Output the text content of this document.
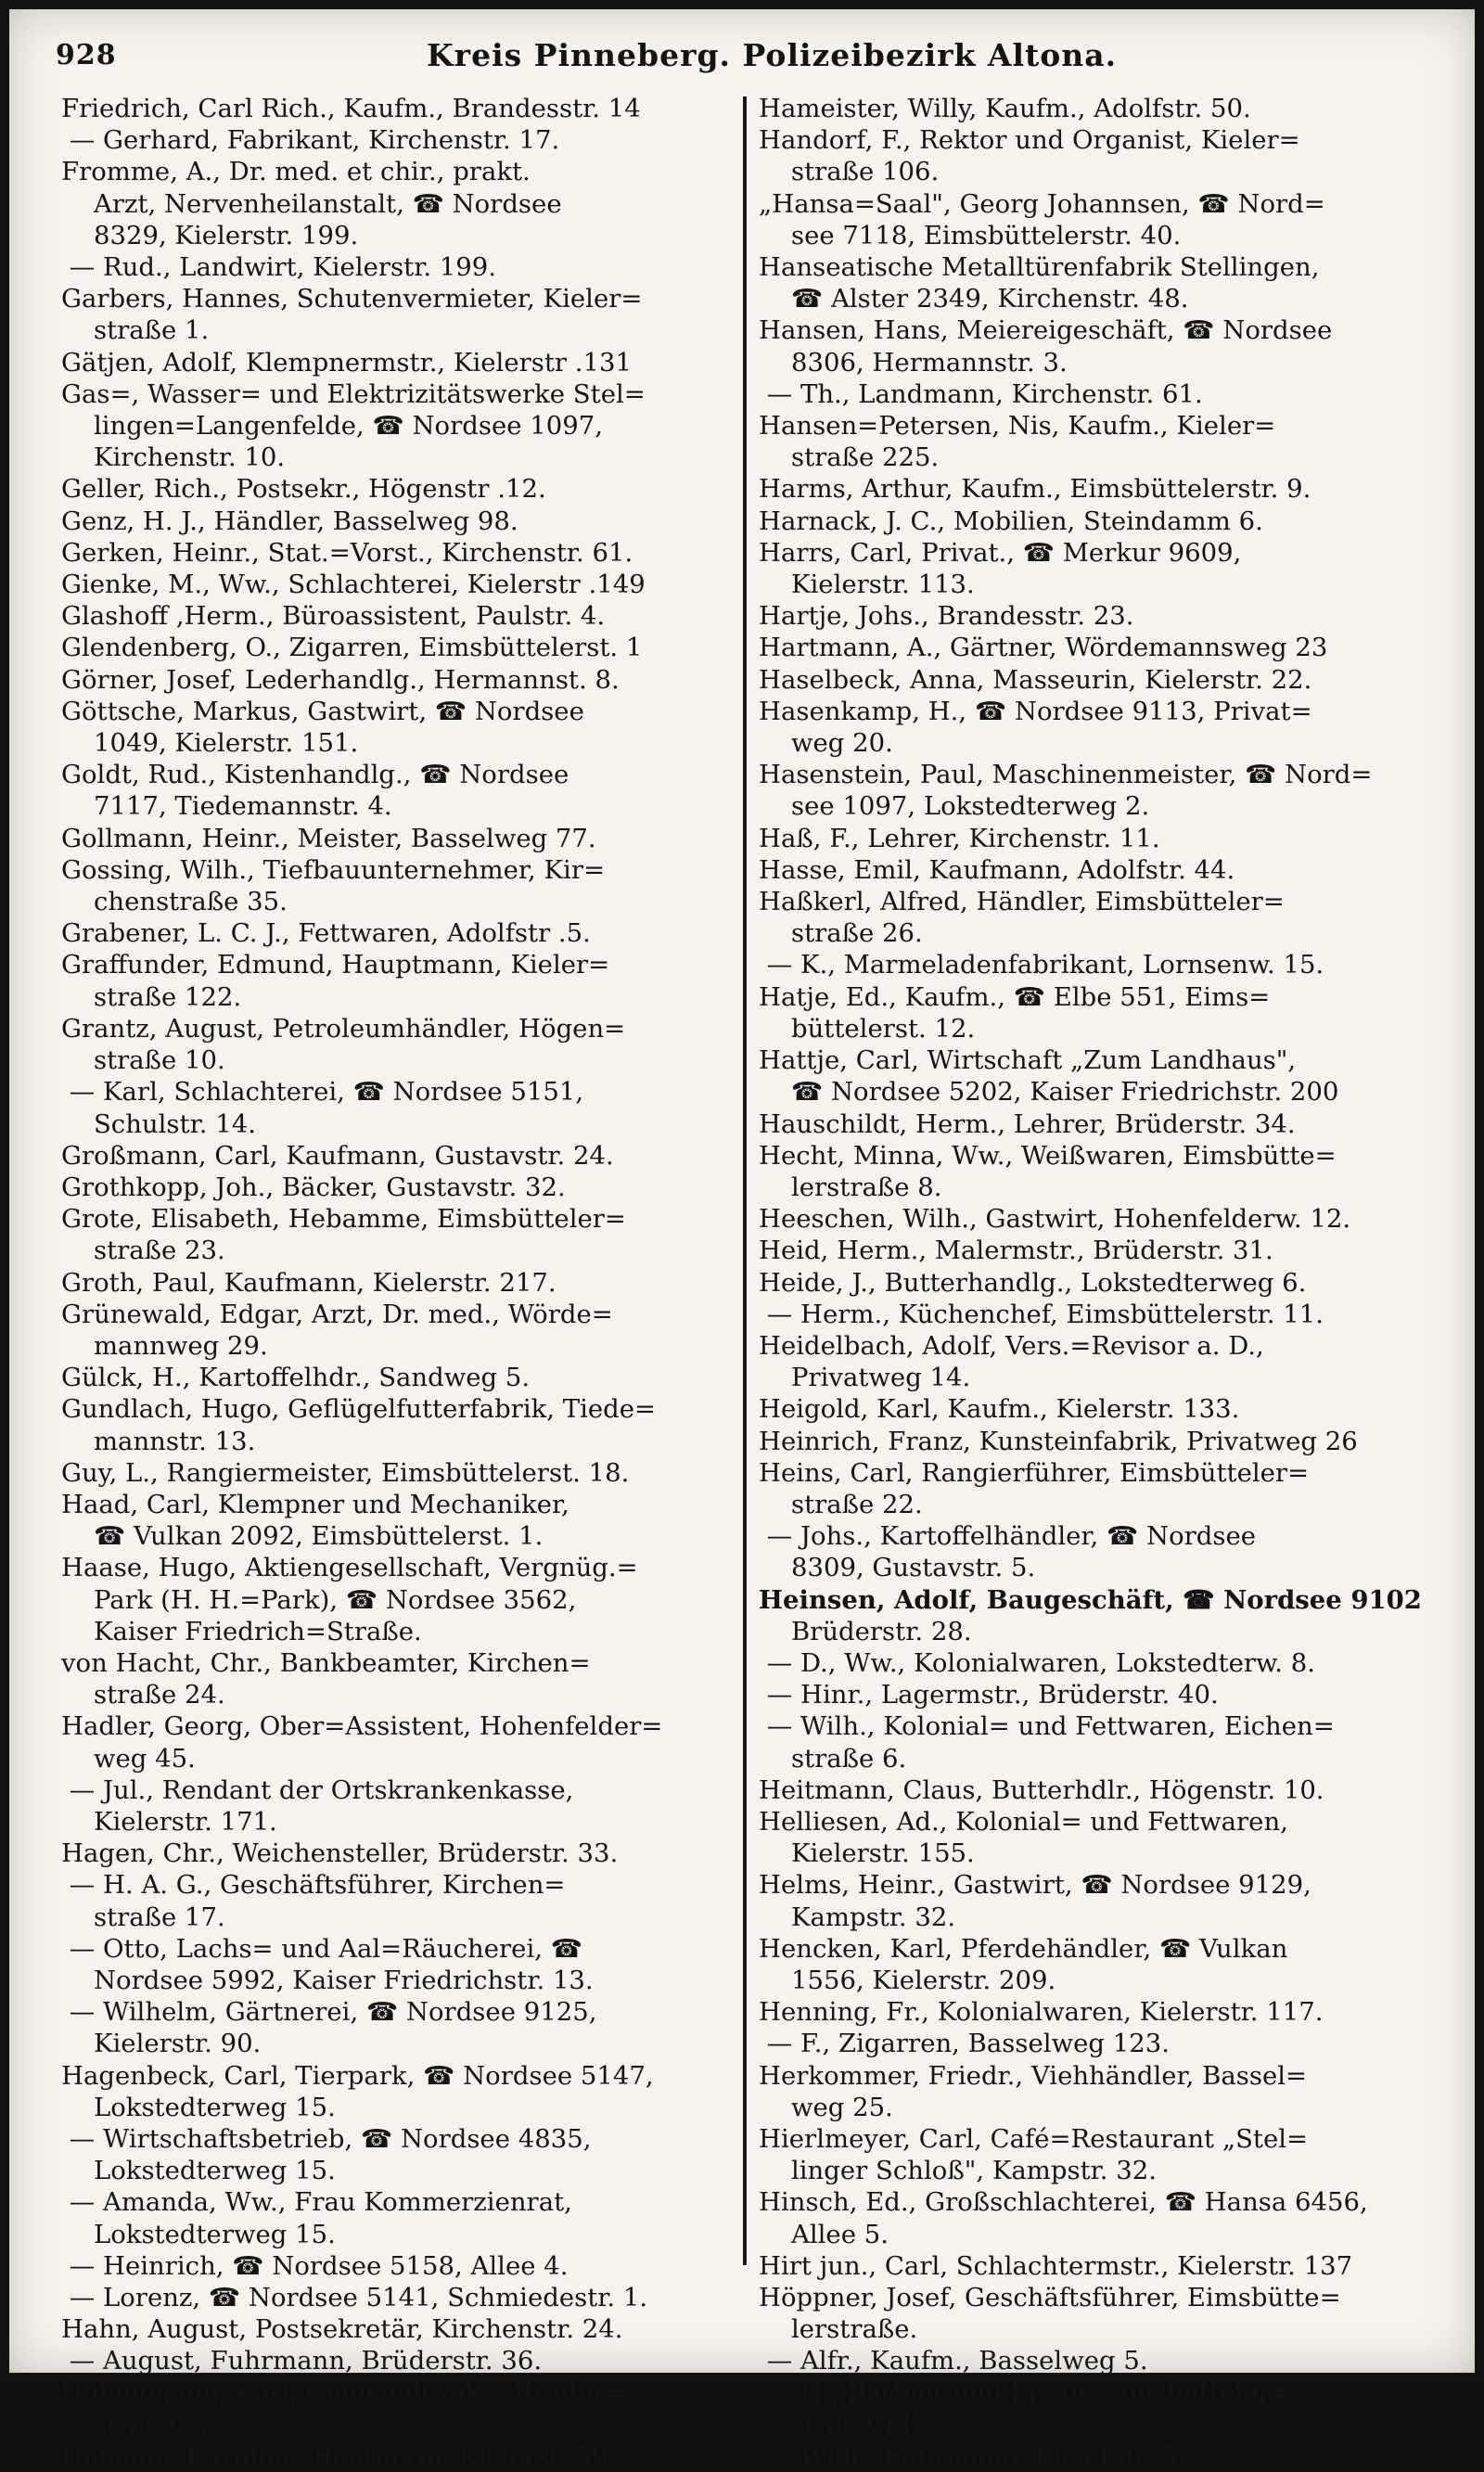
928	Kreis Pinneberg. Polizeibezirk Altona.

Friedrich, Carl Rich., Kaufm., Brandesstr. 14

— Gerhard, Fabrikant, Kirchenstr. 17.

Fromme, A., Dr. med. et chir., prakt.

Arzt, Nervenheilanstalt, ☎ Nordsee

8329, Kielerstr. 199.

— Rud., Landwirt, Kielerstr. 199.

Garbers, Hannes, Schutenvermieter, Kieler=

straße 1.

Gätjen, Adolf, Klempnermstr., Kielerstr .131

Gas=, Wasser= und Elektrizitätswerke Stel=

lingen=Langenfelde, ☎ Nordsee 1097,

Kirchenstr. 10.

Geller, Rich., Postsekr., Högenstr .12.

Genz, H. J., Händler, Basselweg 98.

Gerken, Heinr., Stat.=Vorst., Kirchenstr. 61.

Gienke, M., Ww., Schlachterei, Kielerstr .149

Glashoff ,Herm., Büroassistent, Paulstr. 4.

Glendenberg, O., Zigarren, Eimsbüttelerst. 1

Görner, Josef, Lederhandlg., Hermannst. 8.

Göttsche, Markus, Gastwirt, ☎ Nordsee

1049, Kielerstr. 151.

Goldt, Rud., Kistenhandlg., ☎ Nordsee

7117, Tiedemannstr. 4.

Gollmann, Heinr., Meister, Basselweg 77.

Gossing, Wilh., Tiefbauunternehmer, Kir=

chenstraße 35.

Grabener, L. C. J., Fettwaren, Adolfstr .5.

Graffunder, Edmund, Hauptmann, Kieler=

straße 122.

Grantz, August, Petroleumhändler, Högen=

straße 10.

— Karl, Schlachterei, ☎ Nordsee 5151,

Schulstr. 14.

Großmann, Carl, Kaufmann, Gustavstr. 24.

Grothkopp, Joh., Bäcker, Gustavstr. 32.

Grote, Elisabeth, Hebamme, Eimsbütteler=

straße 23.

Groth, Paul, Kaufmann, Kielerstr. 217.

Grünewald, Edgar, Arzt, Dr. med., Wörde=

mannweg 29.

Gülck, H., Kartoffelhdr., Sandweg 5.

Gundlach, Hugo, Geflügelfutterfabrik, Tiede=

mannstr. 13.

Guy, L., Rangiermeister, Eimsbüttelerst. 18.

Haad, Carl, Klempner und Mechaniker,

☎ Vulkan 2092, Eimsbüttelerst. 1.

Haase, Hugo, Aktiengesellschaft, Vergnüg.=

Park (H. H.=Park), ☎ Nordsee 3562,

Kaiser Friedrich=Straße.

von Hacht, Chr., Bankbeamter, Kirchen=

straße 24.

Hadler, Georg, Ober=Assistent, Hohenfelder=

weg 45.

— Jul., Rendant der Ortskrankenkasse,

Kielerstr. 171.

Hagen, Chr., Weichensteller, Brüderstr. 33.

— H. A. G., Geschäftsführer, Kirchen=

straße 17.

— Otto, Lachs= und Aal=Räucherei, ☎

Nordsee 5992, Kaiser Friedrichstr. 13.

— Wilhelm, Gärtnerei, ☎ Nordsee 9125,

Kielerstr. 90.

Hagenbeck, Carl, Tierpark, ☎ Nordsee 5147,

Lokstedterweg 15.

— Wirtschaftsbetrieb, ☎ Nordsee 4835,

Lokstedterweg 15.

— Amanda, Ww., Frau Kommerzienrat,

Lokstedterweg 15.

— Heinrich, ☎ Nordsee 5158, Allee 4.

— Lorenz, ☎ Nordsee 5141, Schmiedestr. 1.

Hahn, August, Postsekretär, Kirchenstr. 24.

— August, Fuhrmann, Brüderstr. 36.

Hahnemann, Karl, Gemeindesekr., Brüder=

straße 28.

Hamann, Caroline, Rentnerin, Kielerst. 59.

Hameister, Willy, Kaufm., Adolfstr. 50.

Handorf, F., Rektor und Organist, Kieler=

straße 106.

„Hansa=Saal", Georg Johannsen, ☎ Nord=

see 7118, Eimsbüttelerstr. 40.

Hanseatische Metalltürenfabrik Stellingen,

☎ Alster 2349, Kirchenstr. 48.

Hansen, Hans, Meiereigeschäft, ☎ Nordsee

8306, Hermannstr. 3.

— Th., Landmann, Kirchenstr. 61.

Hansen=Petersen, Nis, Kaufm., Kieler=

straße 225.

Harms, Arthur, Kaufm., Eimsbüttelerstr. 9.

Harnack, J. C., Mobilien, Steindamm 6.

Harrs, Carl, Privat., ☎ Merkur 9609,

Kielerstr. 113.

Hartje, Johs., Brandesstr. 23.

Hartmann, A., Gärtner, Wördemannsweg 23

Haselbeck, Anna, Masseurin, Kielerstr. 22.

Hasenkamp, H., ☎ Nordsee 9113, Privat=

weg 20.

Hasenstein, Paul, Maschinenmeister, ☎ Nord=

see 1097, Lokstedterweg 2.

Haß, F., Lehrer, Kirchenstr. 11.

Hasse, Emil, Kaufmann, Adolfstr. 44.

Haßkerl, Alfred, Händler, Eimsbütteler=

straße 26.

— K., Marmeladenfabrikant, Lornsenw. 15.

Hatje, Ed., Kaufm., ☎ Elbe 551, Eims=

büttelerst. 12.

Hattje, Carl, Wirtschaft „Zum Landhaus",

☎ Nordsee 5202, Kaiser Friedrichstr. 200

Hauschildt, Herm., Lehrer, Brüderstr. 34.

Hecht, Minna, Ww., Weißwaren, Eimsbütte=

lerstraße 8.

Heeschen, Wilh., Gastwirt, Hohenfelderw. 12.

Heid, Herm., Malermstr., Brüderstr. 31.

Heide, J., Butterhandlg., Lokstedterweg 6.

— Herm., Küchenchef, Eimsbüttelerstr. 11.

Heidelbach, Adolf, Vers.=Revisor a. D.,

Privatweg 14.

Heigold, Karl, Kaufm., Kielerstr. 133.

Heinrich, Franz, Kunsteinfabrik, Privatweg 26

Heins, Carl, Rangierführer, Eimsbütteler=

straße 22.

— Johs., Kartoffelhändler, ☎ Nordsee

8309, Gustavstr. 5.

Heinsen, Adolf, Baugeschäft, ☎ Nordsee 9102

Brüderstr. 28.

— D., Ww., Kolonialwaren, Lokstedterw. 8.

— Hinr., Lagermstr., Brüderstr. 40.

— Wilh., Kolonial= und Fettwaren, Eichen=

straße 6.

Heitmann, Claus, Butterhdlr., Högenstr. 10.

Helliesen, Ad., Kolonial= und Fettwaren,

Kielerstr. 155.

Helms, Heinr., Gastwirt, ☎ Nordsee 9129,

Kampstr. 32.

Hencken, Karl, Pferdehändler, ☎ Vulkan

1556, Kielerstr. 209.

Henning, Fr., Kolonialwaren, Kielerstr. 117.

— F., Zigarren, Basselweg 123.

Herkommer, Friedr., Viehhändler, Bassel=

weg 25.

Hierlmeyer, Carl, Café=Restaurant „Stel=

linger Schloß", Kampstr. 32.

Hinsch, Ed., Großschlachterei, ☎ Hansa 6456,

Allee 5.

Hirt jun., Carl, Schlachtermstr., Kielerstr. 137

Höppner, Josef, Geschäftsführer, Eimsbütte=

lerstraße.

— Alfr., Kaufm., Basselweg 5.

— H., Barbier und Frisör, Eimsbütteler=

straße 11.

— Wilh., Fuhrmann, Kielerstr. 5.
